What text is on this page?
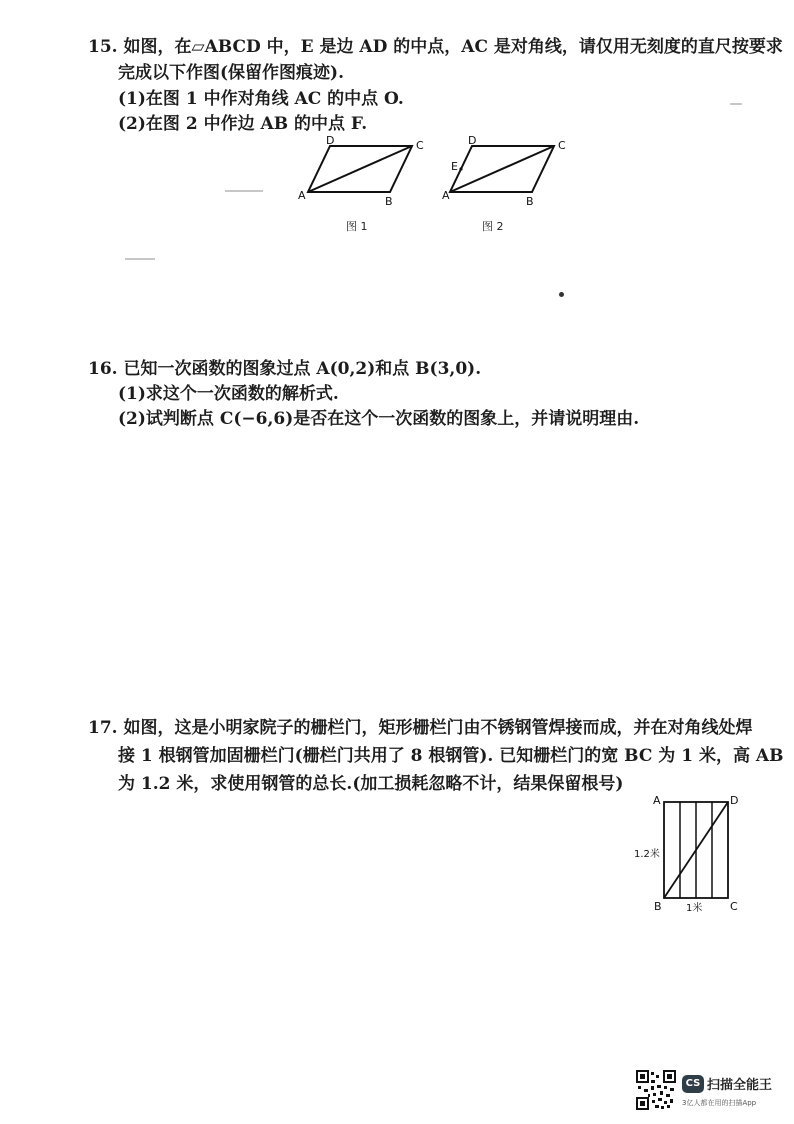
15. 如图，在▱ABCD 中，E 是边 AD 的中点，AC 是对角线，请仅用无刻度的直尺按要求
完成以下作图(保留作图痕迹).
(1)在图 1 中作对角线 AC 的中点 O.
(2)在图 2 中作边 AB 的中点 F.
A	B
C
D
图 1
A	B
C
D
E
图 2
16. 已知一次函数的图象过点 A(0,2)和点 B(3,0).
(1)求这个一次函数的解析式.
(2)试判断点 C(−6,6)是否在这个一次函数的图象上，并请说明理由.
17. 如图，这是小明家院子的栅栏门，矩形栅栏门由不锈钢管焊接而成，并在对角线处焊
接 1 根钢管加固栅栏门(栅栏门共用了 8 根钢管). 已知栅栏门的宽 BC 为 1 米，高 AB
为 1.2 米，求使用钢管的总长.(加工损耗忽略不计，结果保留根号)
A	D
B	C
1.2米
1米
CS 扫描全能王
3亿人都在用的扫描App
